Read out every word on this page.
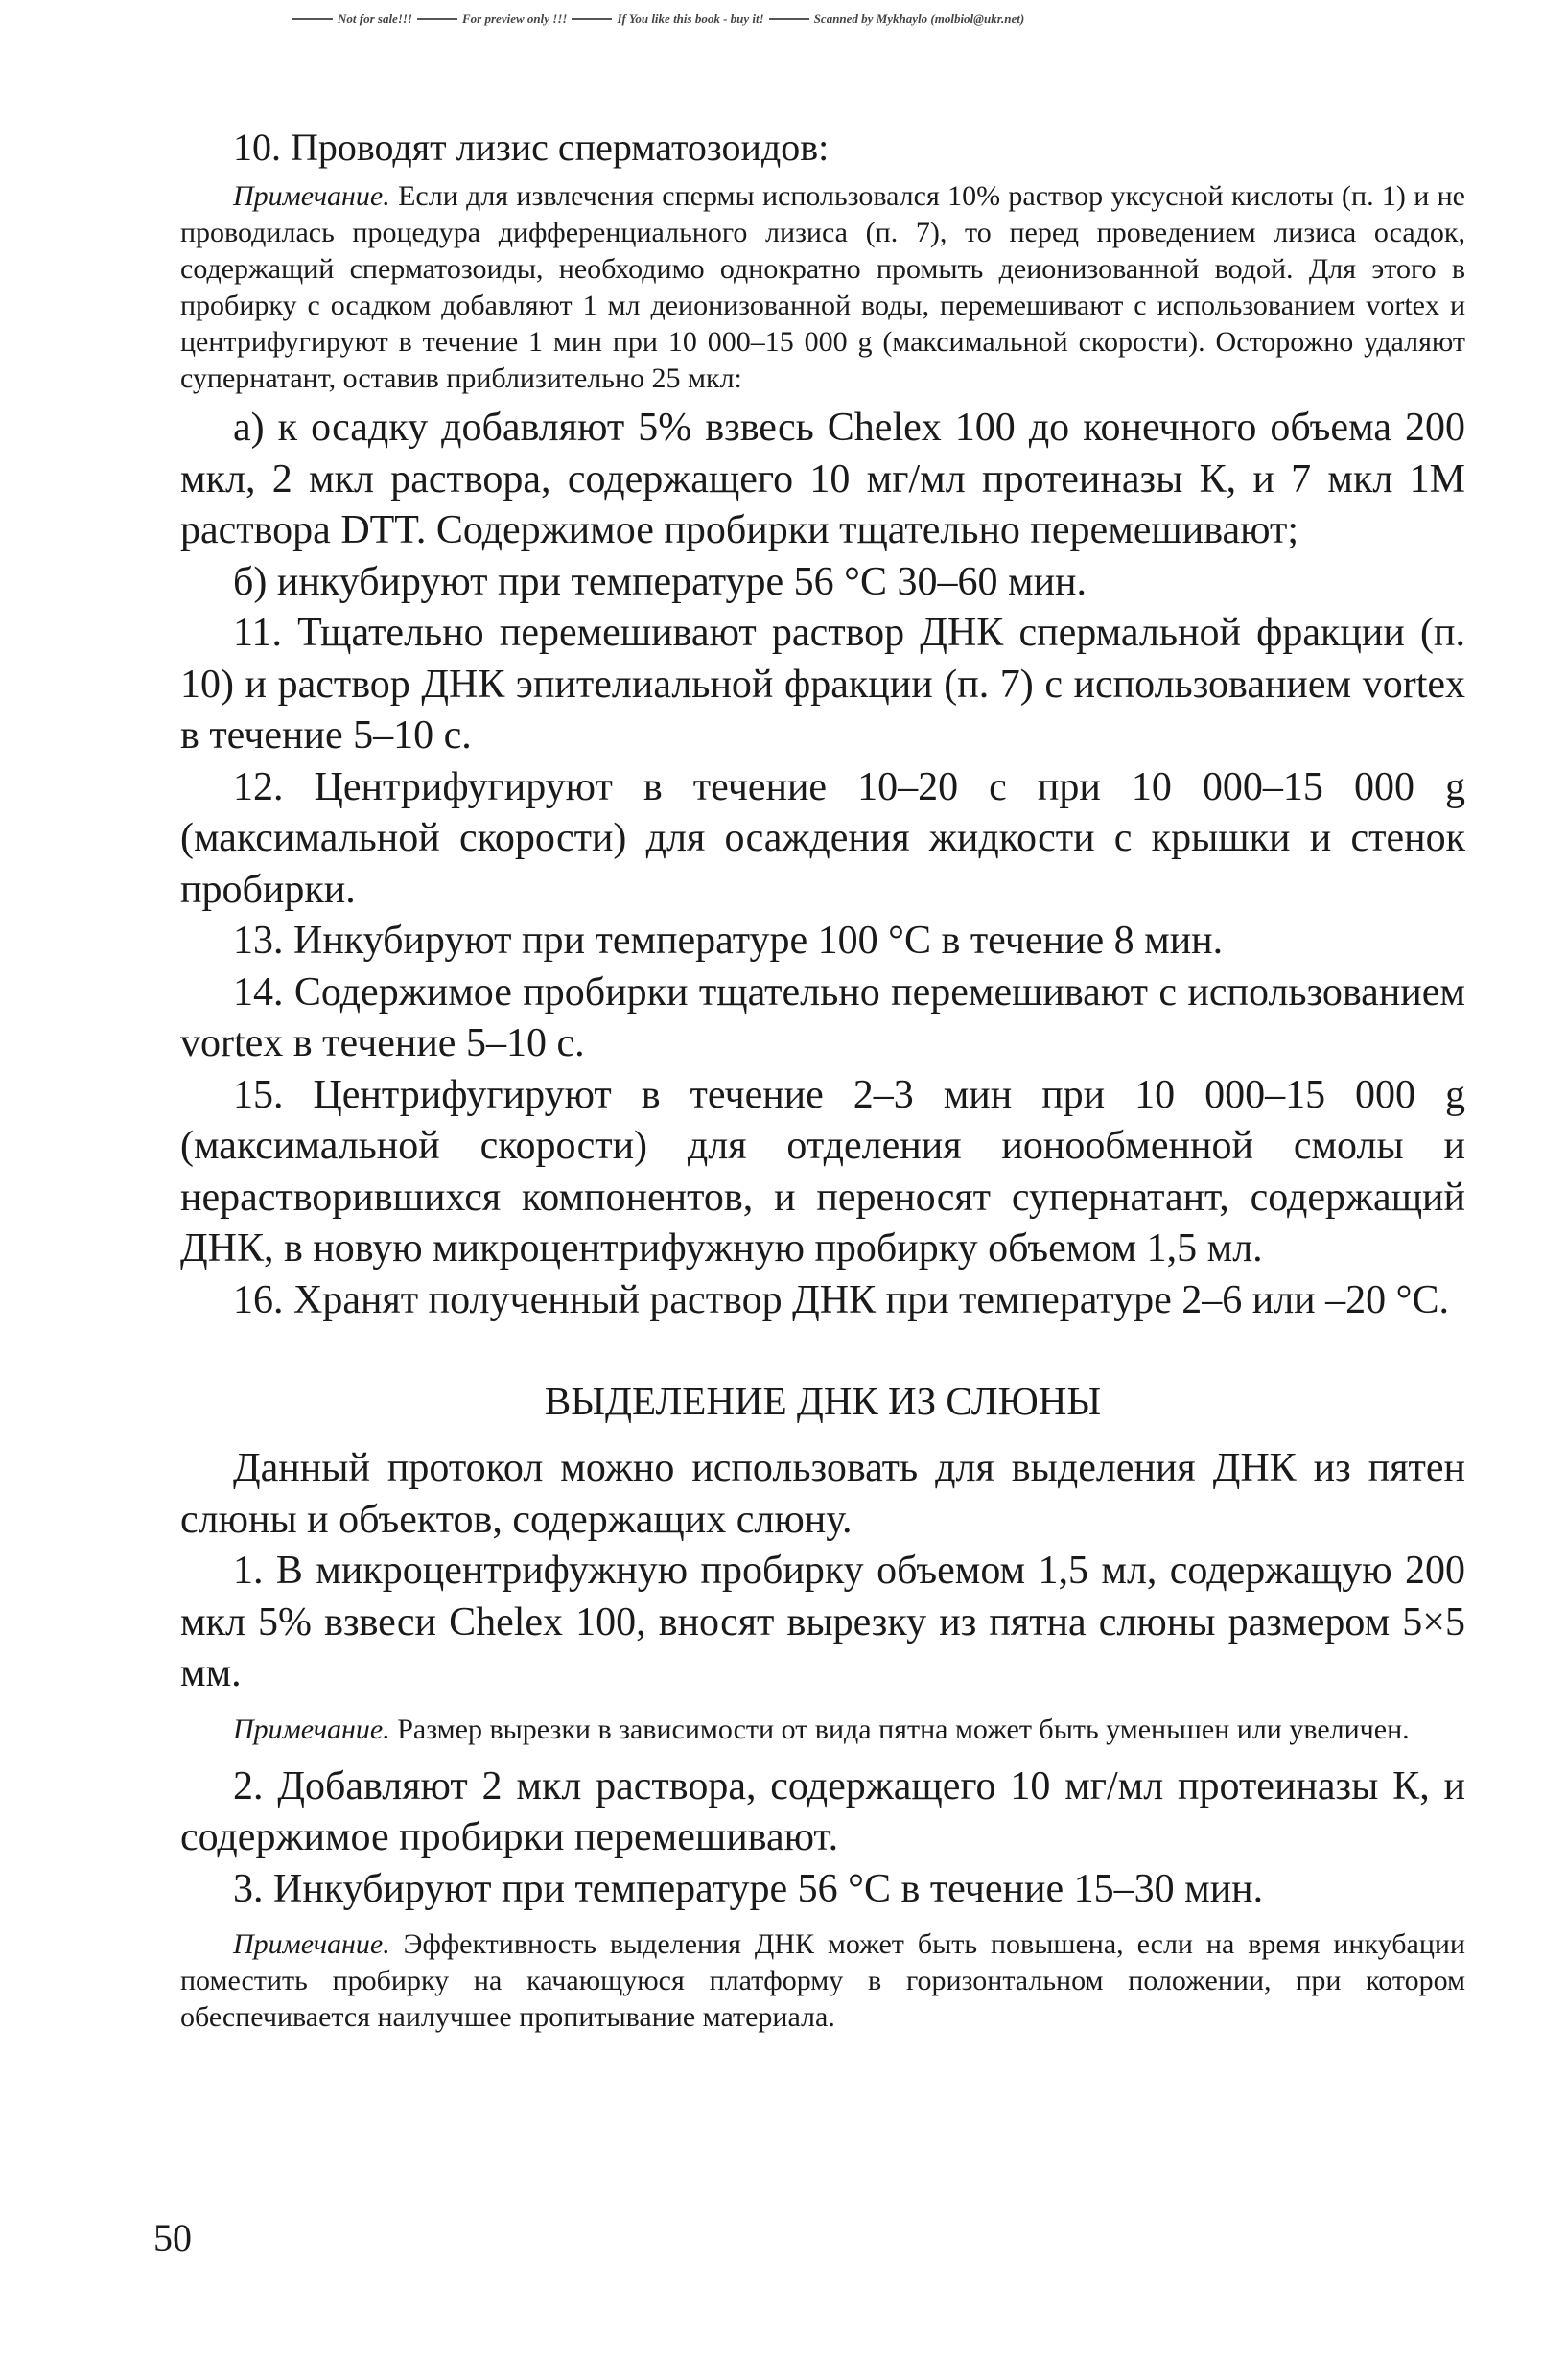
Not for sale!!!	For preview only !!!	If You like this book - buy it!	Scanned by Mykhaylo (molbiol@ukr.net)

10. Проводят лизис сперматозоидов:

Примечание. Если для извлечения спермы использовался 10% раствор уксусной кислоты (п. 1) и не проводилась процедура дифференциального лизиса (п. 7), то перед проведением лизиса осадок, содержащий сперматозоиды, необходимо однократно промыть деионизованной водой. Для этого в пробирку с осадком добавляют 1 мл деионизованной воды, перемешивают с использованием vortex и центрифугируют в течение 1 мин при 10 000–15 000 g (максимальной скорости). Осторожно удаляют супернатант, оставив приблизительно 25 мкл:

а) к осадку добавляют 5% взвесь Chelex 100 до конечного объема 200 мкл, 2 мкл раствора, содержащего 10 мг/мл протеиназы К, и 7 мкл 1М раствора DTT. Содержимое пробирки тщательно перемешивают;

б) инкубируют при температуре 56 °С 30–60 мин.

11. Тщательно перемешивают раствор ДНК спермальной фракции (п. 10) и раствор ДНК эпителиальной фракции (п. 7) с использованием vortex в течение 5–10 с.

12. Центрифугируют в течение 10–20 с при 10 000–15 000 g (максимальной скорости) для осаждения жидкости с крышки и стенок пробирки.

13. Инкубируют при температуре 100 °С в течение 8 мин.

14. Содержимое пробирки тщательно перемешивают с использованием vortex в течение 5–10 с.

15. Центрифугируют в течение 2–3 мин при 10 000–15 000 g (максимальной скорости) для отделения ионообменной смолы и нерастворившихся компонентов, и переносят супернатант, содержащий ДНК, в новую микроцентрифужную пробирку объемом 1,5 мл.

16. Хранят полученный раствор ДНК при температуре 2–6 или –20 °С.

ВЫДЕЛЕНИЕ ДНК ИЗ СЛЮНЫ

Данный протокол можно использовать для выделения ДНК из пятен слюны и объектов, содержащих слюну.

1. В микроцентрифужную пробирку объемом 1,5 мл, содержащую 200 мкл 5% взвеси Chelex 100, вносят вырезку из пятна слюны размером 5×5 мм.

Примечание. Размер вырезки в зависимости от вида пятна может быть уменьшен или увеличен.

2. Добавляют 2 мкл раствора, содержащего 10 мг/мл протеиназы К, и содержимое пробирки перемешивают.

3. Инкубируют при температуре 56 °С в течение 15–30 мин.

Примечание. Эффективность выделения ДНК может быть повышена, если на время инкубации поместить пробирку на качающуюся платформу в горизонтальном положении, при котором обеспечивается наилучшее пропитывание материала.

50
